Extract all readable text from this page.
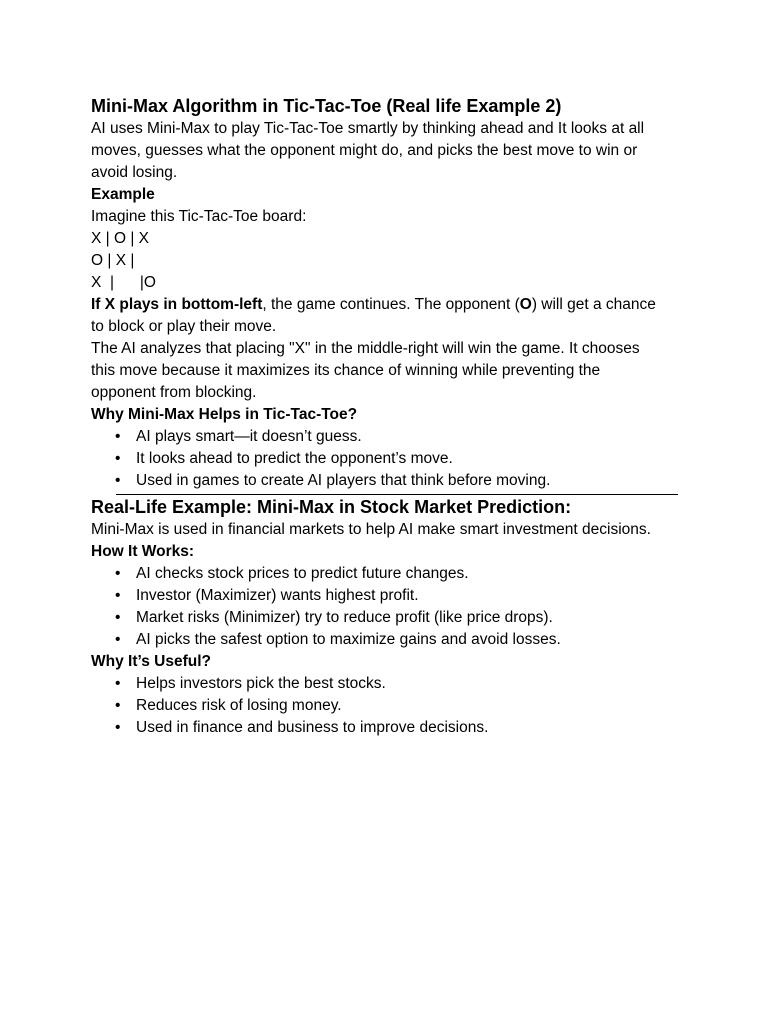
Mini-Max Algorithm in Tic-Tac-Toe (Real life Example 2)

AI uses Mini-Max to play Tic-Tac-Toe smartly by thinking ahead and It looks at all

moves, guesses what the opponent might do, and picks the best move to win or

avoid losing.

Example

Imagine this Tic-Tac-Toe board:

X | O | X

O | X |

X  |      |O

If X plays in bottom-left, the game continues. The opponent (O) will get a chance

to block or play their move.

The AI analyzes that placing "X" in the middle-right will win the game. It chooses

this move because it maximizes its chance of winning while preventing the

opponent from blocking.

Why Mini-Max Helps in Tic-Tac-Toe?

• AI plays smart—it doesn’t guess.
• It looks ahead to predict the opponent’s move.
• Used in games to create AI players that think before moving.

Real-Life Example: Mini-Max in Stock Market Prediction:

Mini-Max is used in financial markets to help AI make smart investment decisions.

How It Works:

• AI checks stock prices to predict future changes.
• Investor (Maximizer) wants highest profit.
• Market risks (Minimizer) try to reduce profit (like price drops).
• AI picks the safest option to maximize gains and avoid losses.

Why It’s Useful?

• Helps investors pick the best stocks.
• Reduces risk of losing money.
• Used in finance and business to improve decisions.
